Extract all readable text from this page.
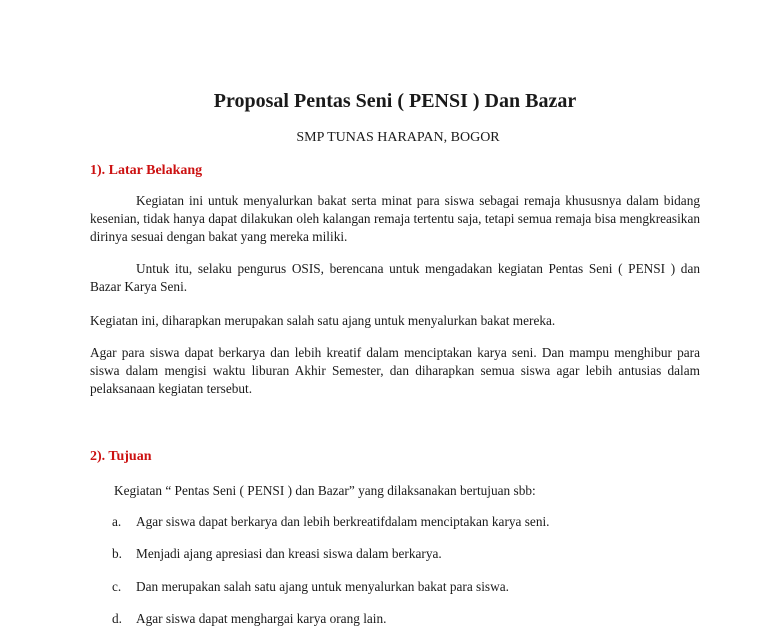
Proposal Pentas Seni ( PENSI ) Dan Bazar
SMP TUNAS HARAPAN, BOGOR
1). Latar Belakang
Kegiatan ini untuk menyalurkan bakat serta minat para siswa sebagai remaja khususnya dalam bidang kesenian, tidak hanya dapat dilakukan oleh kalangan remaja tertentu saja, tetapi semua remaja bisa mengkreasikan dirinya sesuai dengan bakat yang mereka miliki.
Untuk itu, selaku pengurus OSIS, berencana untuk mengadakan kegiatan Pentas Seni ( PENSI ) dan Bazar Karya Seni.
Kegiatan ini, diharapkan merupakan salah satu ajang untuk menyalurkan bakat mereka.
Agar para siswa dapat berkarya dan lebih kreatif dalam menciptakan karya seni. Dan mampu menghibur para siswa dalam mengisi waktu liburan Akhir Semester, dan diharapkan semua siswa agar lebih antusias dalam pelaksanaan kegiatan tersebut.
2). Tujuan
Kegiatan “ Pentas Seni ( PENSI ) dan Bazar” yang dilaksanakan bertujuan sbb:
a. Agar siswa dapat berkarya dan lebih berkreatifdalam menciptakan karya seni.
b. Menjadi ajang apresiasi dan kreasi siswa dalam berkarya.
c. Dan merupakan salah satu ajang untuk menyalurkan bakat para siswa.
d. Agar siswa dapat menghargai karya orang lain.
